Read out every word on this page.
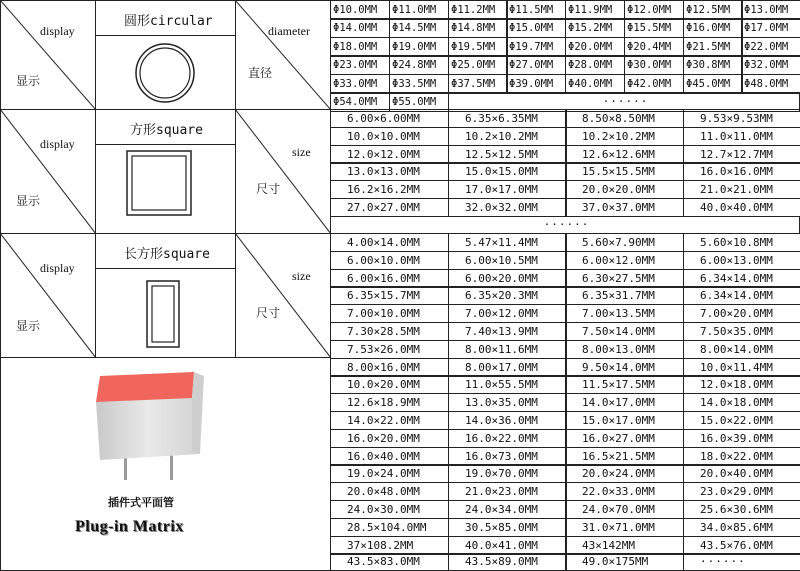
display
显示
圆形circular
diameter
直径
Φ10.0MM	Φ11.0MM	Φ11.2MM	Φ11.5MM	Φ11.9MM	Φ12.0MM	Φ12.5MM	Φ13.0MM
Φ14.0MM	Φ14.5MM	Φ14.8MM	Φ15.0MM	Φ15.2MM	Φ15.5MM	Φ16.0MM	Φ17.0MM
Φ18.0MM	Φ19.0MM	Φ19.5MM	Φ19.7MM	Φ20.0MM	Φ20.4MM	Φ21.5MM	Φ22.0MM
Φ23.0MM	Φ24.8MM	Φ25.0MM	Φ27.0MM	Φ28.0MM	Φ30.0MM	Φ30.8MM	Φ32.0MM
Φ33.0MM	Φ33.5MM	Φ37.5MM	Φ39.0MM	Φ40.0MM	Φ42.0MM	Φ45.0MM	Φ48.0MM
Φ54.0MM	Φ55.0MM	······
display
显示
方形square
size
尺寸
6.00×6.00MM	6.35×6.35MM	8.50×8.50MM	9.53×9.53MM
10.0×10.0MM	10.2×10.2MM	10.2×10.2MM	11.0×11.0MM
12.0×12.0MM	12.5×12.5MM	12.6×12.6MM	12.7×12.7MM
13.0×13.0MM	15.0×15.0MM	15.5×15.5MM	16.0×16.0MM
16.2×16.2MM	17.0×17.0MM	20.0×20.0MM	21.0×21.0MM
27.0×27.0MM	32.0×32.0MM	37.0×37.0MM	40.0×40.0MM
······
display
显示
长方形square
size
尺寸
插件式平面管
Plug-in Matrix
4.00×14.0MM	5.47×11.4MM	5.60×7.90MM	5.60×10.8MM
6.00×10.0MM	6.00×10.5MM	6.00×12.0MM	6.00×13.0MM
6.00×16.0MM	6.00×20.0MM	6.30×27.5MM	6.34×14.0MM
6.35×15.7MM	6.35×20.3MM	6.35×31.7MM	6.34×14.0MM
7.00×10.0MM	7.00×12.0MM	7.00×13.5MM	7.00×20.0MM
7.30×28.5MM	7.40×13.9MM	7.50×14.0MM	7.50×35.0MM
7.53×26.0MM	8.00×11.6MM	8.00×13.0MM	8.00×14.0MM
8.00×16.0MM	8.00×17.0MM	9.50×14.0MM	10.0×11.4MM
10.0×20.0MM	11.0×55.5MM	11.5×17.5MM	12.0×18.0MM
12.6×18.9MM	13.0×35.0MM	14.0×17.0MM	14.0×18.0MM
14.0×22.0MM	14.0×36.0MM	15.0×17.0MM	15.0×22.0MM
16.0×20.0MM	16.0×22.0MM	16.0×27.0MM	16.0×39.0MM
16.0×40.0MM	16.0×73.0MM	16.5×21.5MM	18.0×22.0MM
19.0×24.0MM	19.0×70.0MM	20.0×24.0MM	20.0×40.0MM
20.0×48.0MM	21.0×23.0MM	22.0×33.0MM	23.0×29.0MM
24.0×30.0MM	24.0×34.0MM	24.0×70.0MM	25.6×30.6MM
28.5×104.0MM	30.5×85.0MM	31.0×71.0MM	34.0×85.6MM
37×108.2MM	40.0×41.0MM	43×142MM	43.5×76.0MM
43.5×83.0MM	43.5×89.0MM	49.0×175MM	······
